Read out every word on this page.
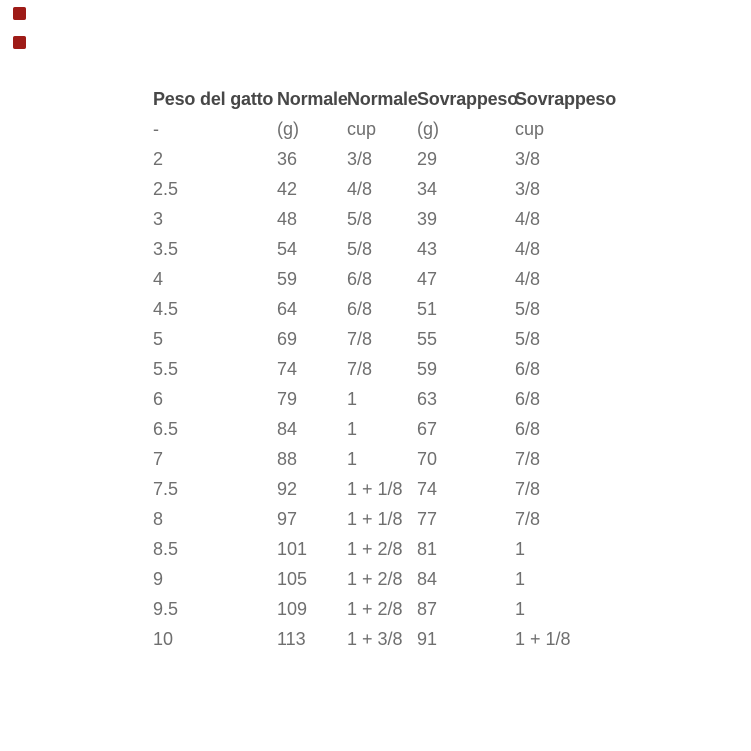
Peso del gatto	Normale	Normale	Sovrappeso	Sovrappeso
-	(g)	cup	(g)	cup
2	36	3/8	29	3/8
2.5	42	4/8	34	3/8
3	48	5/8	39	4/8
3.5	54	5/8	43	4/8
4	59	6/8	47	4/8
4.5	64	6/8	51	5/8
5	69	7/8	55	5/8
5.5	74	7/8	59	6/8
6	79	1	63	6/8
6.5	84	1	67	6/8
7	88	1	70	7/8
7.5	92	1 + 1/8	74	7/8
8	97	1 + 1/8	77	7/8
8.5	101	1 + 2/8	81	1
9	105	1 + 2/8	84	1
9.5	109	1 + 2/8	87	1
10	113	1 + 3/8	91	1 + 1/8
